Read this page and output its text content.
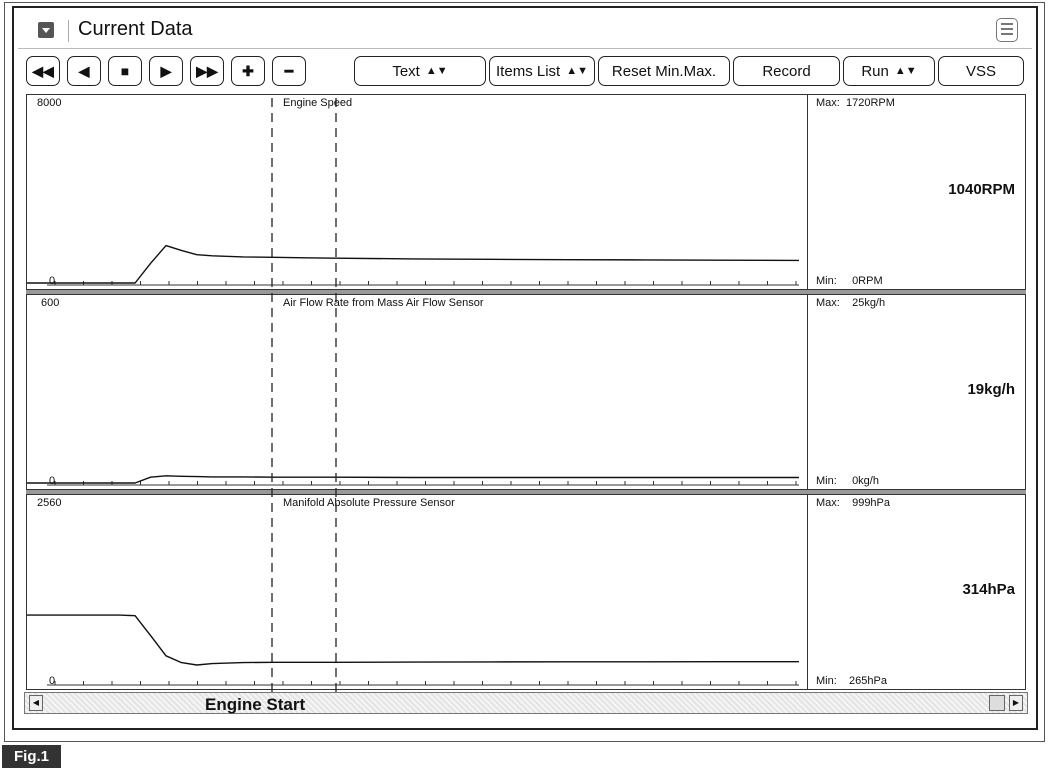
Current Data
◀◀	◀	■	▶	▶▶	✚	━	Text ▲▼	Items List ▲▼	Reset Min.Max.	Record	Run ▲▼	VSS
8000
0
Engine Speed	Max: 1720RPM
1040RPM
Min: 0RPM
600
0
Air Flow Rate from Mass Air Flow Sensor	Max: 25kg/h
19kg/h
Min: 0kg/h
2560
0
Manifold Absolute Pressure Sensor	Max: 999hPa
314hPa
Min: 265hPa
◀	Engine Start	▶
Fig.1
